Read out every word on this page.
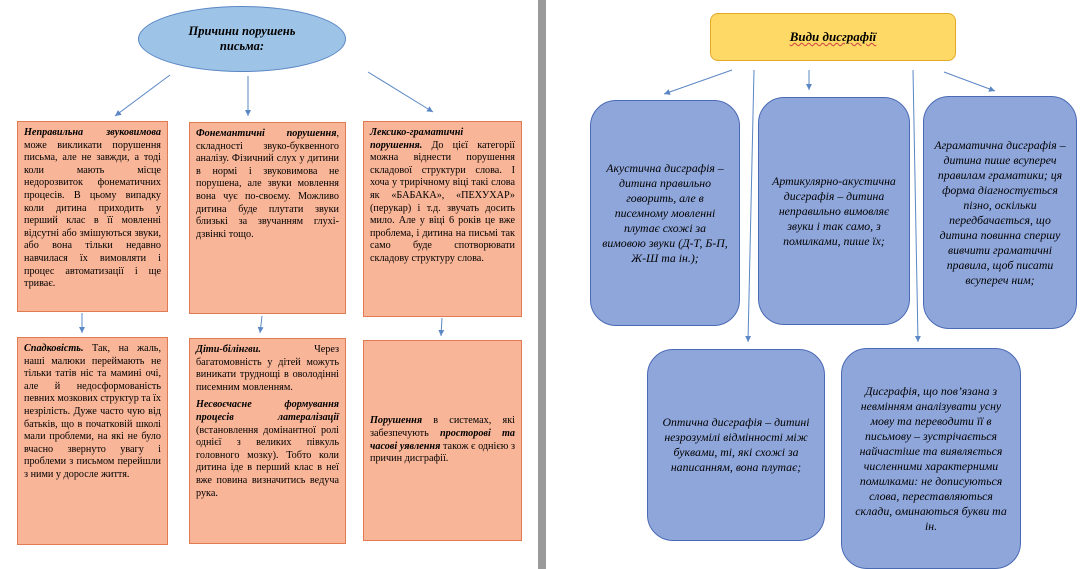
Причини порушень письма:
Неправильна звуковимова може викликати порушення письма, але не завжди, а тоді коли мають місце недорозвиток фонематичних процесів. В цьому випадку коли дитина приходить у перший клас в її мовленні відсутні або змішуються звуки, або вона тільки недавно навчилася їх вимовляти і процес автоматизації і ще триває.
Фонемантичні порушення, складності звуко-буквенного аналізу. Фізичний слух у дитини в нормі і звуковимова не порушена, але звуки мовлення вона чує по-своєму. Можливо дитина буде плутати звуки близькі за звучанням глухі-дзвінкі тощо.
Лексико-граматичні порушення. До цієї категорії можна віднести порушення складової структури слова. І хоча у трирічному віці такі слова як «БАБАКА», «ПЕХУХАР» (перукар) і т.д. звучать досить мило. Але у віці 6 років це вже проблема, і дитина на письмі так само буде спотворювати складову структуру слова.
Спадковість. Так, на жаль, наші малюки переймають не тільки татів ніс та мамині очі, але й недосформованість певних мозкових структур та їх незрілість. Дуже часто чую від батьків, що в початковій школі мали проблеми, на які не було вчасно звернуто увагу і проблеми з письмом перейшли з ними у доросле життя.
Діти-білінгви. Через багатомовність у дітей можуть виникати труднощі в оволодінні писемним мовленням.
Несвоєчасне формування процесів латералізації (встановлення домінантної ролі однієї з великих півкуль головного мозку). Тобто коли дитина іде в перший клас в неї вже повина визначитись ведуча рука.
Порушення в системах, які забезпечують просторові та часові уявлення також є однією з причин дисграфії.
Види дисграфії
Акустична дисграфія – дитина правильно говорить, але в писемному мовленні плутає схожі за вимовою звуки (Д-Т, Б-П, Ж-Ш та ін.);
Артикулярно-акустична дисграфія – дитина неправильно вимовляє звуки і так само, з помилками, пише їх;
Аграматична дисграфія – дитина пише всупереч правилам граматики; ця форма діагностується пізно, оскільки передбачається, що дитина повинна спершу вивчити граматичні правила, щоб писати всупереч ним;
Оптична дисграфія – дитині незрозумілі відмінності між буквами, ті, які схожі за написанням, вона плутає;
Дисграфія, що пов’язана з невмінням аналізувати усну мову та переводити її в письмову – зустрічається найчастіше та виявляється численними характерними помилками: не дописуються слова, переставляються склади, оминаються букви та ін.
